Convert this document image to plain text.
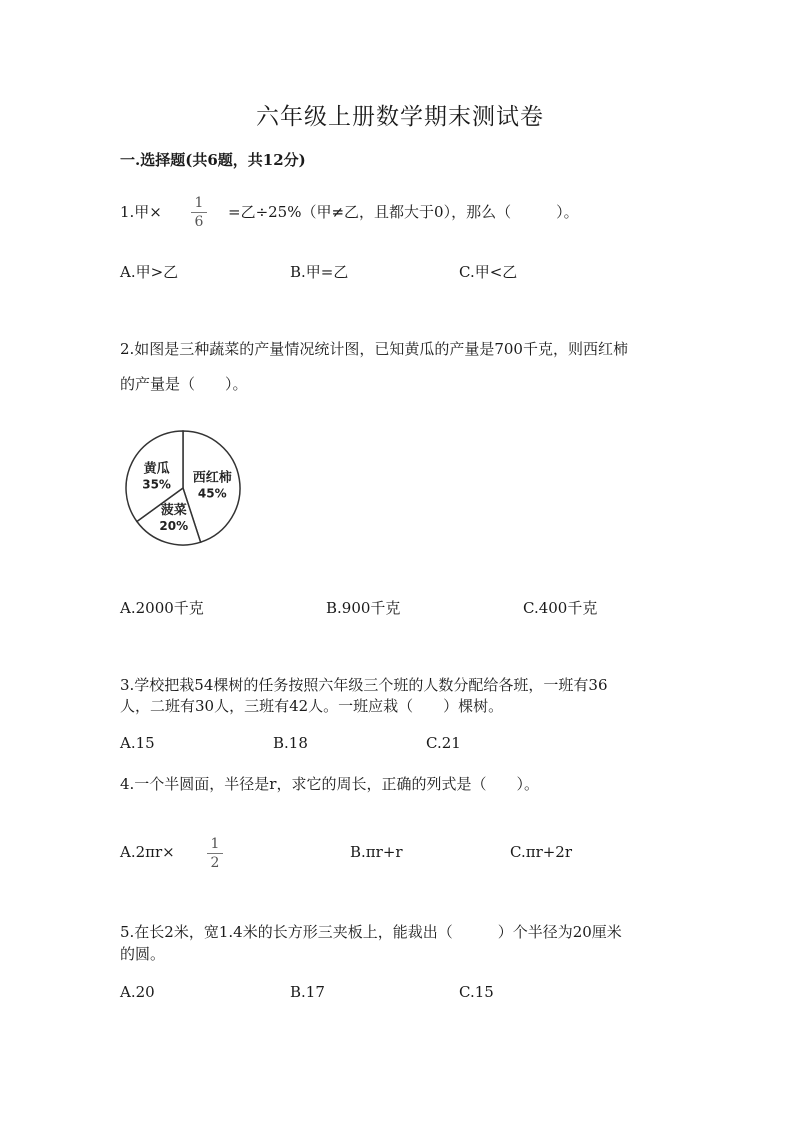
六年级上册数学期末测试卷
一.选择题(共6题，共12分)
1.甲× 1
6
=乙÷25%（甲≠乙，且都大于0），那么（　　　）。
A.甲>乙	B.甲=乙	C.甲<乙
2.如图是三种蔬菜的产量情况统计图，已知黄瓜的产量是700千克，则西红柿
的产量是（　　）。
西红柿
45%
菠菜
20%
黄瓜
35%
A.2000千克	B.900千克	C.400千克
3.学校把栽54棵树的任务按照六年级三个班的人数分配给各班，一班有36
人，二班有30人，三班有42人。一班应栽（　　）棵树。
A.15	B.18	C.21
4.一个半圆面，半径是r，求它的周长，正确的列式是（　　）。
A.2πr×	1
2
B.πr+r	C.πr+2r
5.在长2米，宽1.4米的长方形三夹板上，能裁出（　　　）个半径为20厘米
的圆。
A.20	B.17	C.15
